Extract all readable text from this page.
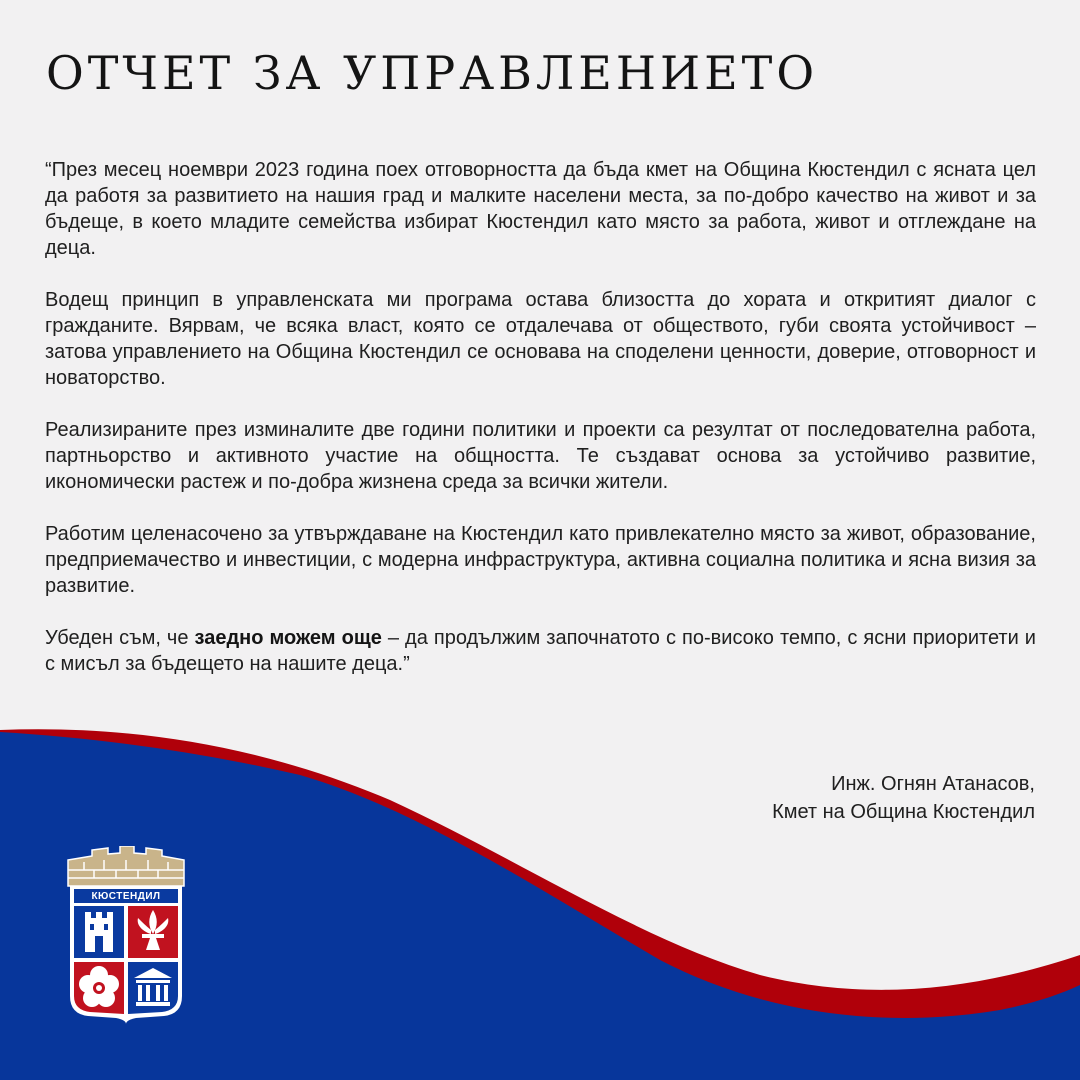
ОТЧЕТ ЗА УПРАВЛЕНИЕТО

“През месец ноември 2023 година поех отговорността да бъда кмет на Община Кюстендил с ясната цел да работя за развитието на нашия град и малките населени места, за по-добро качество на живот и за бъдеще, в което младите семейства избират Кюстендил като място за работа, живот и отглеждане на деца.

Водещ принцип в управленската ми програма остава близостта до хората и откритият диалог с гражданите. Вярвам, че всяка власт, която се отдалечава от обществото, губи своята устойчивост – затова управлението на Община Кюстендил се основава на споделени ценности, доверие, отговорност и новаторство.

Реализираните през изминалите две години политики и проекти са резултат от последователна работа, партньорство и активното участие на общността. Те създават основа за устойчиво развитие, икономически растеж и по-добра жизнена среда за всички жители.

Работим целенасочено за утвърждаване на Кюстендил като привлекателно място за живот, образование, предприемачество и инвестиции, с модерна инфраструктура, активна социална политика и ясна визия за развитие.

Убеден съм, че заедно можем още – да продължим започнатото с по-високо темпо, с ясни приоритети и с мисъл за бъдещето на нашите деца.”

Инж. Огнян Атанасов,
Кмет на Община Кюстендил
КЮСТЕНДИЛ
